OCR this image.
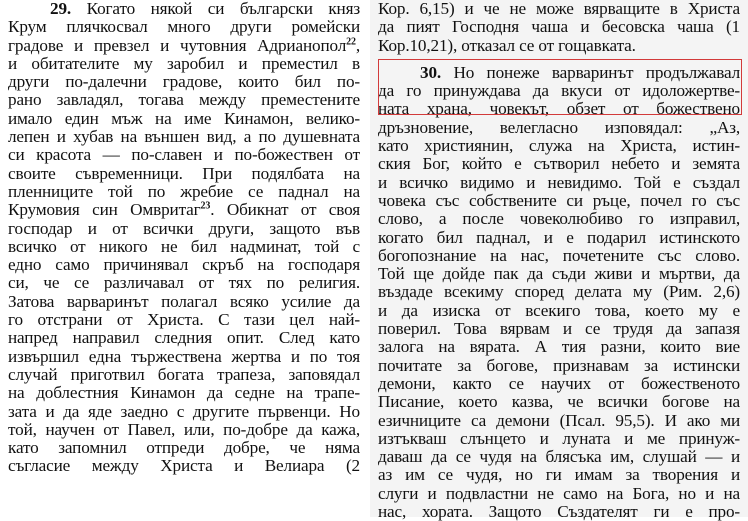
29. Когато някой си български княз
Крум плячкосвал много други ромейски
градове и превзел и чутовния Адрианопол$^{22}$,
и обитателите му заробил и преместил в
други по-далечни градове, които бил по-
рано завладял, тогава между преместените
имало един мъж на име Кинамон, велико-
лепен и хубав на външен вид, а по душевната
си красота — по-славен и по-божествен от
своите съвременници. При подялбата на
пленниците той по жребие се паднал на
Крумовия син Омвритаг$^{23}$. Обикнат от своя
господар и от всички други, защото във
всичко от никого не бил надминат, той с
едно само причинявал скръб на господаря
си, че се различавал от тях по религия.
Затова варваринът полагал всяко усилие да
го отстрани от Христа. С тази цел най-
напред направил следния опит. След като
извършил една тържествена жертва и по тоя
случай приготвил богата трапеза, заповядал
на доблестния Кинамон да седне на трапе-
зата и да яде заедно с другите първенци. Но
той, научен от Павел, или, по-добре да кажа,
като запомнил отпреди добре, че няма
съгласие между Христа и Велиара (2
Кор. 6,15) и че не може вярващите в Христа
да пият Господня чаша и бесовска чаша (1
Кор.10,21), отказал се от гощавката.
30. Но понеже варваринът продължавал
да го принуждава да вкуси от идоложертве-
ната храна, човекът, обзет от божествено
дръзновение, велегласно изповядал: „Аз,
като християнин, служа на Христа, истин-
ския Бог, който е сътворил небето и земята
и всичко видимо и невидимо. Той е създал
човека със собствените си ръце, почел го със
слово, а после човеколюбиво го изправил,
когато бил паднал, и е подарил истинското
богопознание на нас, почетените със слово.
Той ще дойде пак да съди живи и мъртви, да
въздаде всекиму според делата му (Рим. 2,6)
и да изиска от всекиго това, което му е
поверил. Това вярвам и се трудя да запазя
залога на вярата. А тия разни, които вие
почитате за богове, признавам за истински
демони, както се научих от божественото
Писание, което казва, че всички богове на
езичниците са демони (Псал. 95,5). И ако ми
изтъкваш слънцето и луната и ме принуж-
даваш да се чудя на блясъка им, слушай — и
аз им се чудя, но ги имам за творения и
слуги и подвластни не само на Бога, но и на
нас, хората. Защото Създателят ги е про-
